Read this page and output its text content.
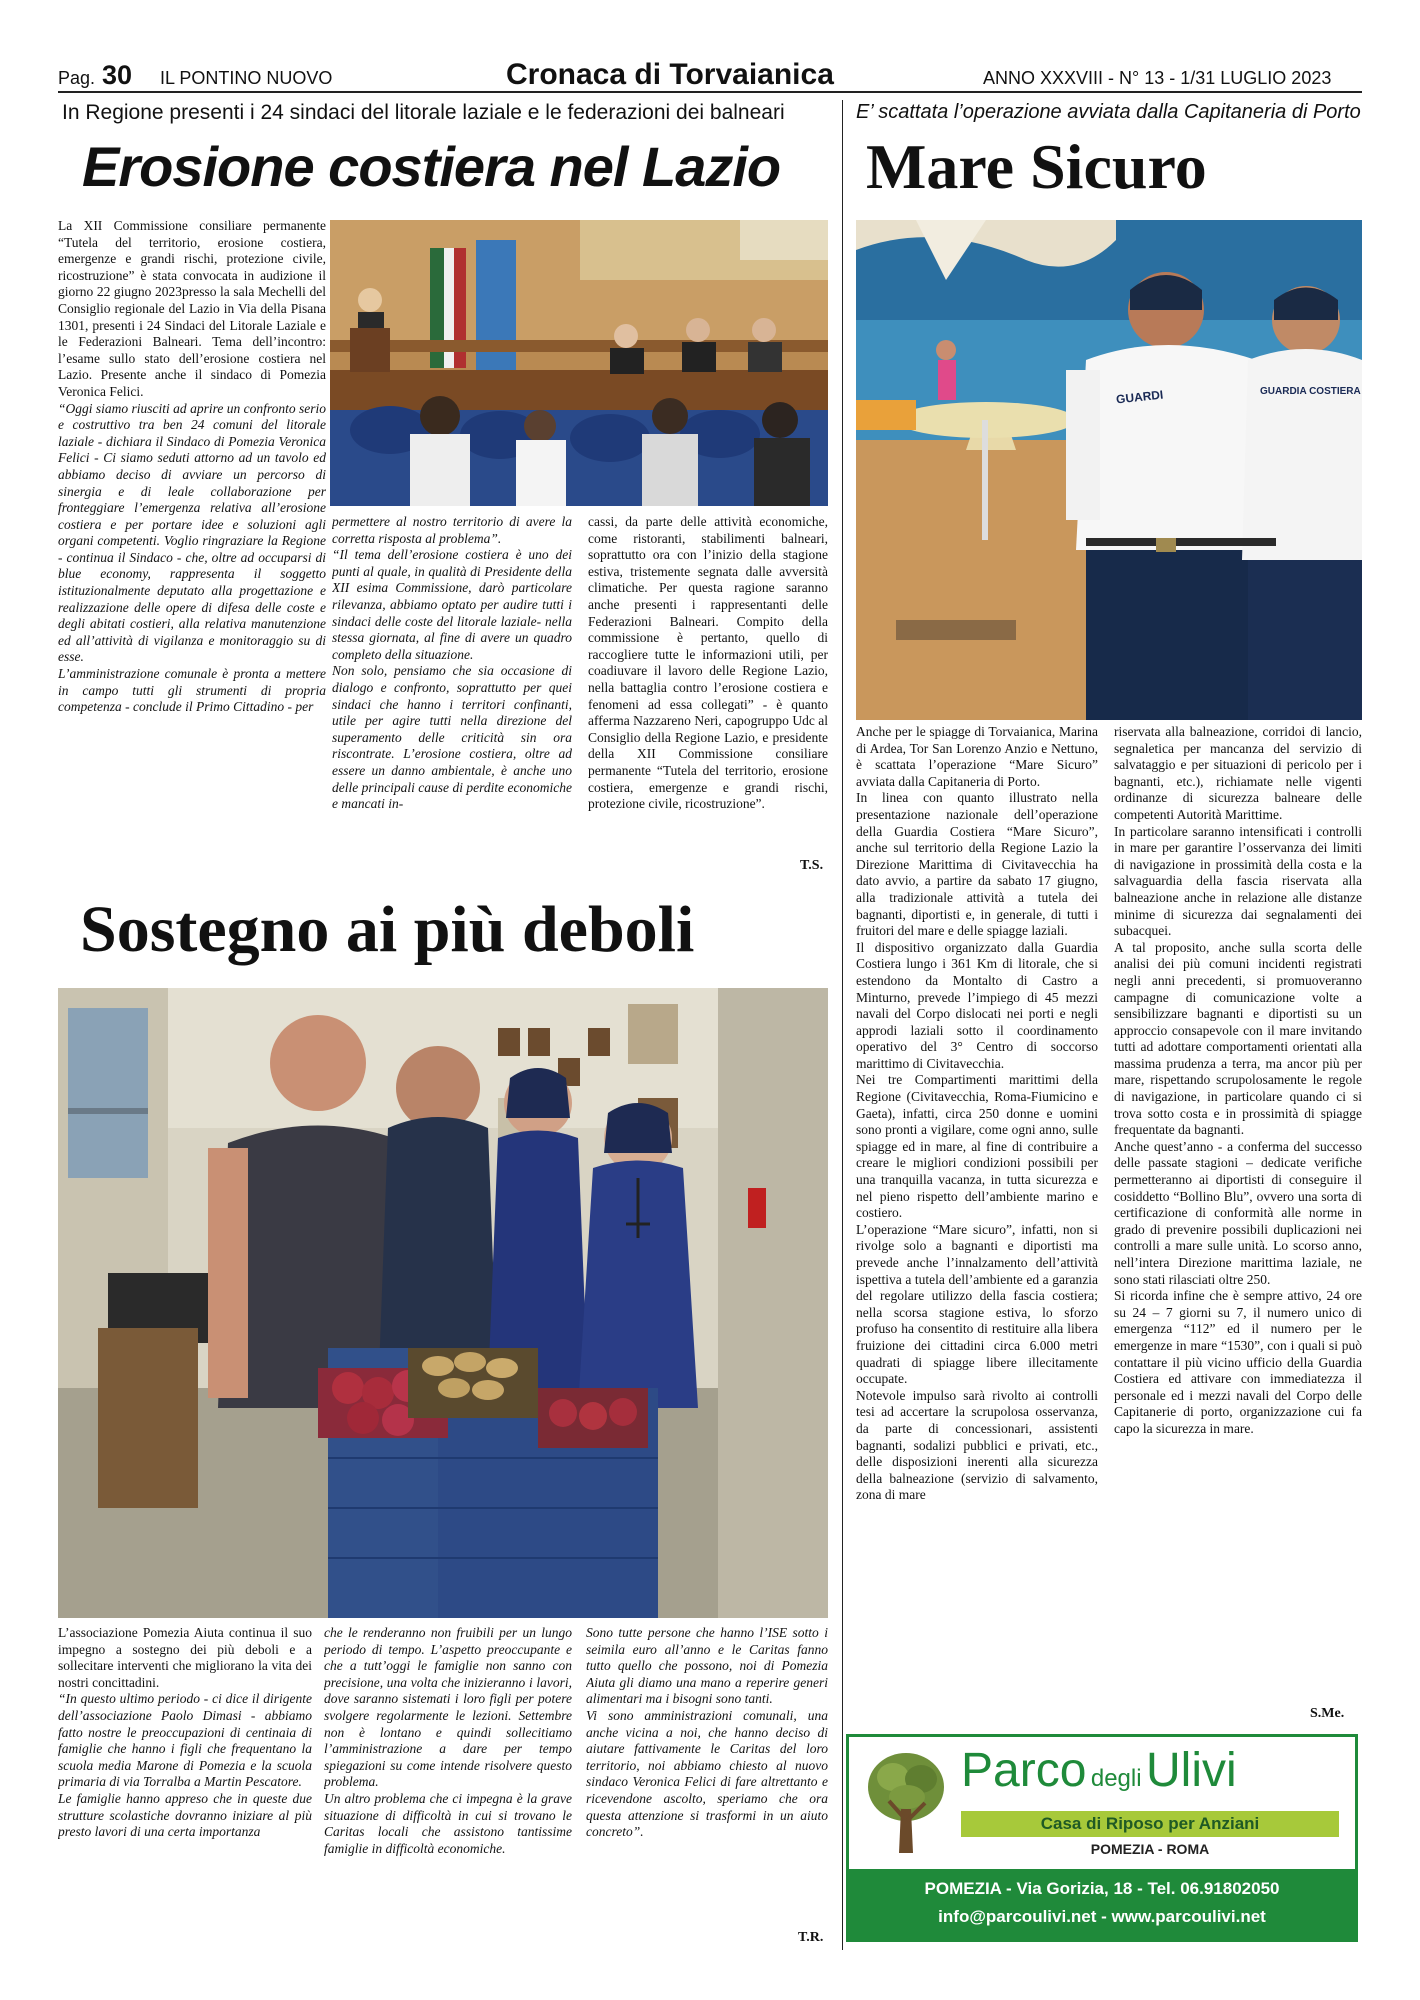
Pag. 30 IL PONTINO NUOVO	Cronaca di Torvaianica	ANNO XXXVIII - N° 13 - 1/31 LUGLIO 2023
In Regione presenti i 24 sindaci del litorale laziale e le federazioni dei balneari
Erosione costiera nel Lazio

La XII Commissione consiliare permanente “Tutela del territorio, erosione costiera, emergenze e grandi rischi, protezione civile, ricostruzione” è stata convocata in audizione il giorno 22 giugno 2023presso la sala Mechelli del Consiglio regionale del Lazio in Via della Pisana 1301, presenti i 24 Sindaci del Litorale Laziale e le Federazioni Balneari. Tema dell’incontro: l’esame sullo stato dell’erosione costiera nel Lazio. Presente anche il sindaco di Pomezia Veronica Felici.

“Oggi siamo riusciti ad aprire un confronto serio e costruttivo tra ben 24 comuni del litorale laziale - dichiara il Sindaco di Pomezia Veronica Felici - Ci siamo seduti attorno ad un tavolo ed abbiamo deciso di avviare un percorso di sinergia e di leale collaborazione per fronteggiare l’emergenza relativa all’erosione costiera e per portare idee e soluzioni agli organi competenti. Voglio ringraziare la Regione - continua il Sindaco - che, oltre ad occuparsi di blue economy, rappresenta il soggetto istituzionalmente deputato alla progettazione e realizzazione delle opere di difesa delle coste e degli abitati costieri, alla relativa manutenzione ed all’attività di vigilanza e monitoraggio su di esse.

L’amministrazione comunale è pronta a mettere in campo tutti gli strumenti di propria competenza - conclude il Primo Cittadino - per

permettere al nostro territorio di avere la corretta risposta al problema”.

“Il tema dell’erosione costiera è uno dei punti al quale, in qualità di Presidente della XII esima Commissione, darò particolare rilevanza, abbiamo optato per audire tutti i sindaci delle coste del litorale laziale- nella stessa giornata, al fine di avere un quadro completo della situazione.

Non solo, pensiamo che sia occasione di dialogo e confronto, soprattutto per quei sindaci che hanno i territori confinanti, utile per agire tutti nella direzione del superamento delle criticità sin ora riscontrate. L’erosione costiera, oltre ad essere un danno ambientale, è anche uno delle principali cause di perdite economiche e mancati in-

cassi, da parte delle attività economiche, come ristoranti, stabilimenti balneari, soprattutto ora con l’inizio della stagione estiva, tristemente segnata dalle avversità climatiche. Per questa ragione saranno anche presenti i rappresentanti delle Federazioni Balneari. Compito della commissione è pertanto, quello di raccogliere tutte le informazioni utili, per coadiuvare il lavoro delle Regione Lazio, nella battaglia contro l’erosione costiera e fenomeni ad essa collegati” - è quanto afferma Nazzareno Neri, capogruppo Udc al Consiglio della Regione Lazio, e presidente della XII Commissione consiliare permanente “Tutela del territorio, erosione costiera, emergenze e grandi rischi, protezione civile, ricostruzione”.

T.S.
Sostegno ai più deboli

L’associazione Pomezia Aiuta continua il suo impegno a sostegno dei più deboli e a sollecitare interventi che migliorano la vita dei nostri concittadini.

“In questo ultimo periodo - ci dice il dirigente dell’associazione Paolo Dimasi - abbiamo fatto nostre le preoccupazioni di centinaia di famiglie che hanno i figli che frequentano la scuola media Marone di Pomezia e la scuola primaria di via Torralba a Martin Pescatore.

Le famiglie hanno appreso che in queste due strutture scolastiche dovranno iniziare al più presto lavori di una certa importanza

che le renderanno non fruibili per un lungo periodo di tempo. L’aspetto preoccupante e che a tutt’oggi le famiglie non sanno con precisione, una volta che inizieranno i lavori, dove saranno sistemati i loro figli per potere svolgere regolarmente le lezioni. Settembre non è lontano e quindi sollecitiamo l’amministrazione a dare per tempo spiegazioni su come intende risolvere questo problema.

Un altro problema che ci impegna è la grave situazione di difficoltà in cui si trovano le Caritas locali che assistono tantissime famiglie in difficoltà economiche.

Sono tutte persone che hanno l’ISE sotto i seimila euro all’anno e le Caritas fanno tutto quello che possono, noi di Pomezia Aiuta gli diamo una mano a reperire generi alimentari ma i bisogni sono tanti.

Vi sono amministrazioni comunali, una anche vicina a noi, che hanno deciso di aiutare fattivamente le Caritas del loro territorio, noi abbiamo chiesto al nuovo sindaco Veronica Felici di fare altrettanto e ricevendone ascolto, speriamo che ora questa attenzione si trasformi in un aiuto concreto”.

T.R.
E’ scattata l’operazione avviata dalla Capitaneria di Porto
Mare Sicuro
GUARDI	GUARDIA COSTIERA

Anche per le spiagge di Torvaianica, Marina di Ardea, Tor San Lorenzo Anzio e Nettuno, è scattata l’operazione “Mare Sicuro” avviata dalla Capitaneria di Porto.

In linea con quanto illustrato nella presentazione nazionale dell’operazione della Guardia Costiera “Mare Sicuro”, anche sul territorio della Regione Lazio la Direzione Marittima di Civitavecchia ha dato avvio, a partire da sabato 17 giugno, alla tradizionale attività a tutela dei bagnanti, diportisti e, in generale, di tutti i fruitori del mare e delle spiagge laziali.

Il dispositivo organizzato dalla Guardia Costiera lungo i 361 Km di litorale, che si estendono da Montalto di Castro a Minturno, prevede l’impiego di 45 mezzi navali del Corpo dislocati nei porti e negli approdi laziali sotto il coordinamento operativo del 3° Centro di soccorso marittimo di Civitavecchia.

Nei tre Compartimenti marittimi della Regione (Civitavecchia, Roma-Fiumicino e Gaeta), infatti, circa 250 donne e uomini sono pronti a vigilare, come ogni anno, sulle spiagge ed in mare, al fine di contribuire a creare le migliori condizioni possibili per una tranquilla vacanza, in tutta sicurezza e nel pieno rispetto dell’ambiente marino e costiero.

L’operazione “Mare sicuro”, infatti, non si rivolge solo a bagnanti e diportisti ma prevede anche l’innalzamento dell’attività ispettiva a tutela dell’ambiente ed a garanzia del regolare utilizzo della fascia costiera; nella scorsa stagione estiva, lo sforzo profuso ha consentito di restituire alla libera fruizione dei cittadini circa 6.000 metri quadrati di spiagge libere illecitamente occupate.

Notevole impulso sarà rivolto ai controlli tesi ad accertare la scrupolosa osservanza, da parte di concessionari, assistenti bagnanti, sodalizi pubblici e privati, etc., delle disposizioni inerenti alla sicurezza della balneazione (servizio di salvamento, zona di mare

riservata alla balneazione, corridoi di lancio, segnaletica per mancanza del servizio di salvataggio e per situazioni di pericolo per i bagnanti, etc.), richiamate nelle vigenti ordinanze di sicurezza balneare delle competenti Autorità Marittime.

In particolare saranno intensificati i controlli in mare per garantire l’osservanza dei limiti di navigazione in prossimità della costa e la salvaguardia della fascia riservata alla balneazione anche in relazione alle distanze minime di sicurezza dai segnalamenti dei subacquei.

A tal proposito, anche sulla scorta delle analisi dei più comuni incidenti registrati negli anni precedenti, si promuoveranno campagne di comunicazione volte a sensibilizzare bagnanti e diportisti su un approccio consapevole con il mare invitando tutti ad adottare comportamenti orientati alla massima prudenza a terra, ma ancor più per mare, rispettando scrupolosamente le regole di navigazione, in particolare quando ci si trova sotto costa e in prossimità di spiagge frequentate da bagnanti.

Anche quest’anno - a conferma del successo delle passate stagioni – dedicate verifiche permetteranno ai diportisti di conseguire il cosiddetto “Bollino Blu”, ovvero una sorta di certificazione di conformità alle norme in grado di prevenire possibili duplicazioni nei controlli a mare sulle unità. Lo scorso anno, nell’intera Direzione marittima laziale, ne sono stati rilasciati oltre 250.

Si ricorda infine che è sempre attivo, 24 ore su 24 – 7 giorni su 7, il numero unico di emergenza “112” ed il numero per le emergenze in mare “1530”, con i quali si può contattare il più vicino ufficio della Guardia Costiera ed attivare con immediatezza il personale ed i mezzi navali del Corpo delle Capitanerie di porto, organizzazione cui fa capo la sicurezza in mare.

S.Me.
Parco degli Ulivi
Casa di Riposo per Anziani
POMEZIA - ROMA
POMEZIA - Via Gorizia, 18 - Tel. 06.91802050
info@parcoulivi.net - www.parcoulivi.net
